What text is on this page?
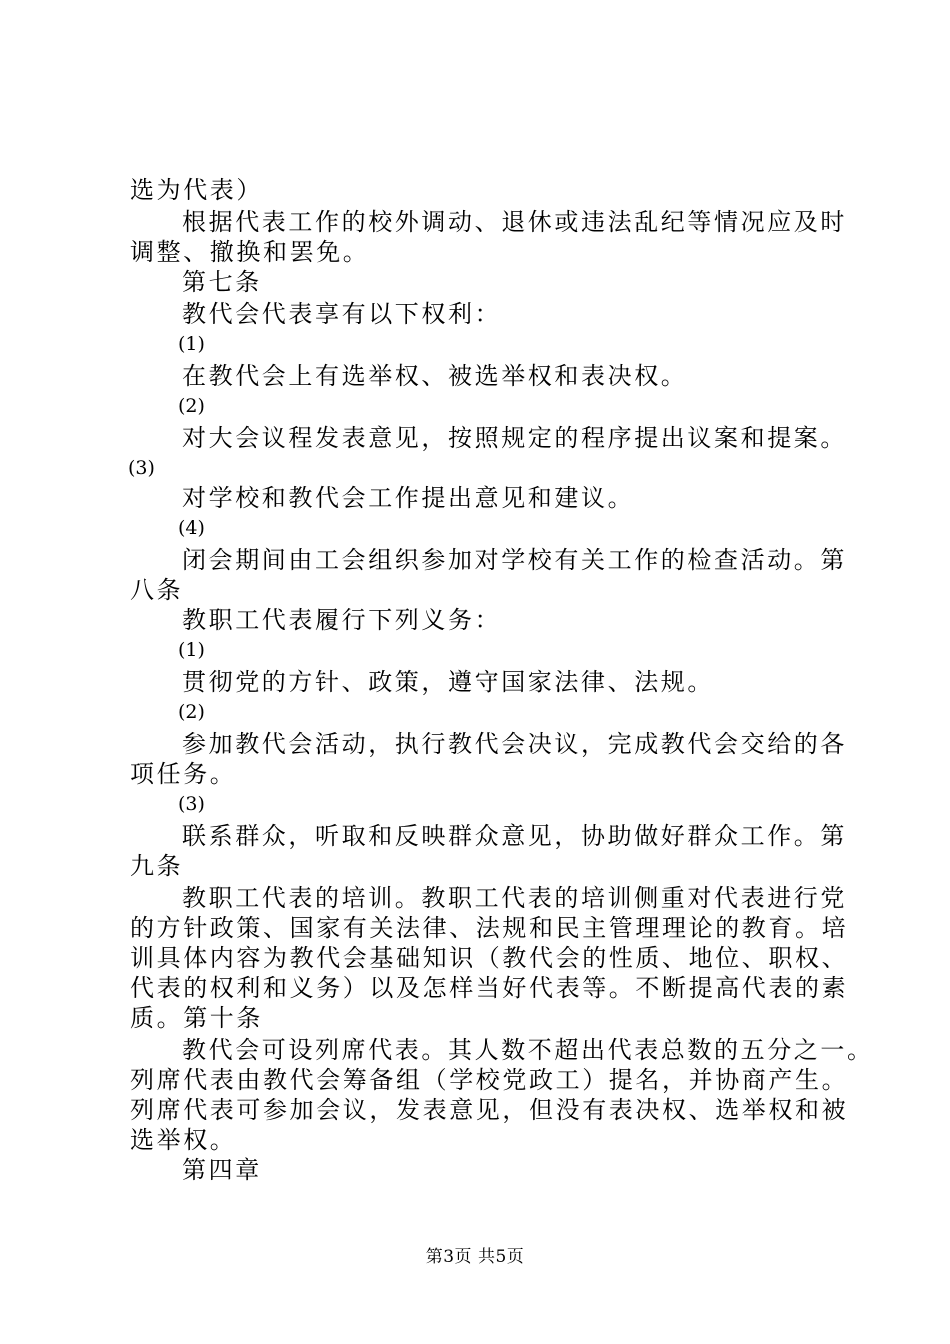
选为代表）
根据代表工作的校外调动、退休或违法乱纪等情况应及时
调整、撤换和罢免。
第七条
教代会代表享有以下权利：
(1)
在教代会上有选举权、被选举权和表决权。
(2)
对大会议程发表意见，按照规定的程序提出议案和提案。
(3)
对学校和教代会工作提出意见和建议。
(4)
闭会期间由工会组织参加对学校有关工作的检查活动。第
八条
教职工代表履行下列义务：
(1)
贯彻党的方针、政策，遵守国家法律、法规。
(2)
参加教代会活动，执行教代会决议，完成教代会交给的各
项任务。
(3)
联系群众，听取和反映群众意见，协助做好群众工作。第
九条
教职工代表的培训。教职工代表的培训侧重对代表进行党
的方针政策、国家有关法律、法规和民主管理理论的教育。培
训具体内容为教代会基础知识（教代会的性质、地位、职权、
代表的权利和义务）以及怎样当好代表等。不断提高代表的素
质。第十条
教代会可设列席代表。其人数不超出代表总数的五分之一。
列席代表由教代会筹备组（学校党政工）提名，并协商产生。
列席代表可参加会议，发表意见，但没有表决权、选举权和被
选举权。
第四章
第3页 共5页
